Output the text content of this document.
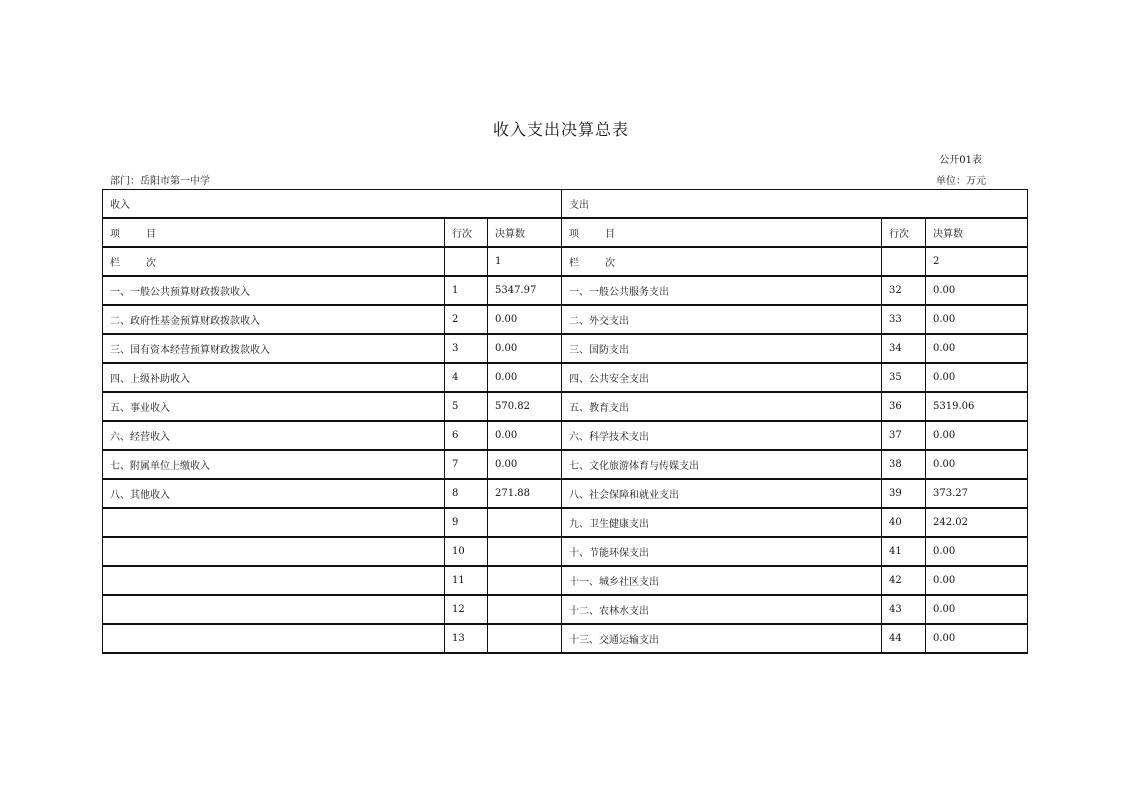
收入支出决算总表
公开01表
部门：岳阳市第一中学	单位：万元
收入			支出		
项 目	行次	决算数	项 目	行次	决算数
栏 次		1	栏 次		2
一、一般公共预算财政拨款收入	1	5347.97	一、一般公共服务支出	32	0.00
二、政府性基金预算财政拨款收入	2	0.00	二、外交支出	33	0.00
三、国有资本经营预算财政拨款收入	3	0.00	三、国防支出	34	0.00
四、上级补助收入	4	0.00	四、公共安全支出	35	0.00
五、事业收入	5	570.82	五、教育支出	36	5319.06
六、经营收入	6	0.00	六、科学技术支出	37	0.00
七、附属单位上缴收入	7	0.00	七、文化旅游体育与传媒支出	38	0.00
八、其他收入	8	271.88	八、社会保障和就业支出	39	373.27
	9		九、卫生健康支出	40	242.02
	10		十、节能环保支出	41	0.00
	11		十一、城乡社区支出	42	0.00
	12		十二、农林水支出	43	0.00
	13		十三、交通运输支出	44	0.00
